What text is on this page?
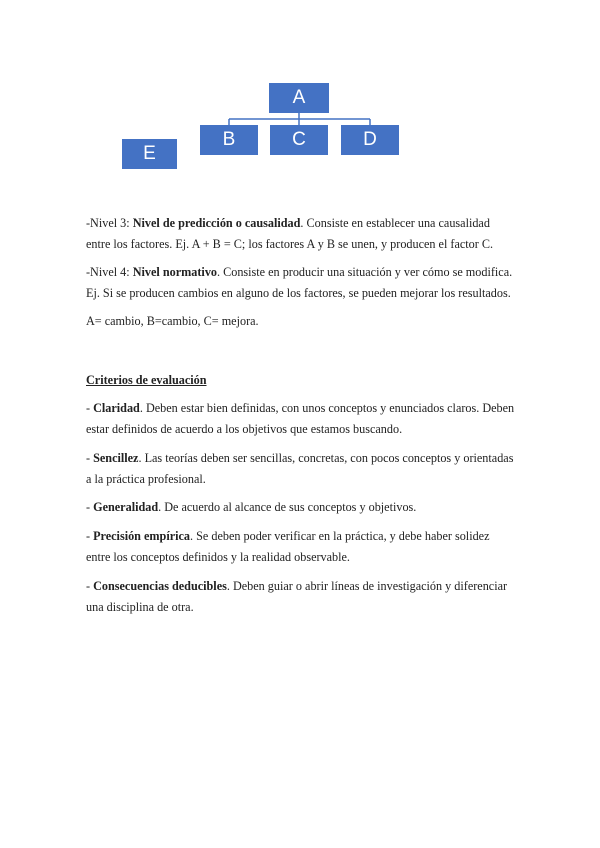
A
B	C	D
E

-Nivel 3: Nivel de predicción o causalidad. Consiste en establecer una causalidad entre los factores. Ej. A + B = C; los factores A y B se unen, y producen el factor C.

-Nivel 4: Nivel normativo. Consiste en producir una situación y ver cómo se modifica. Ej. Si se producen cambios en alguno de los factores, se pueden mejorar los resultados.

A= cambio, B=cambio, C= mejora.

Criterios de evaluación

- Claridad. Deben estar bien definidas, con unos conceptos y enunciados claros. Deben estar definidos de acuerdo a los objetivos que estamos buscando.

- Sencillez. Las teorías deben ser sencillas, concretas, con pocos conceptos y orientadas a la práctica profesional.

- Generalidad. De acuerdo al alcance de sus conceptos y objetivos.

- Precisión empírica. Se deben poder verificar en la práctica, y debe haber solidez entre los conceptos definidos y la realidad observable.

- Consecuencias deducibles. Deben guiar o abrir líneas de investigación y diferenciar una disciplina de otra.
